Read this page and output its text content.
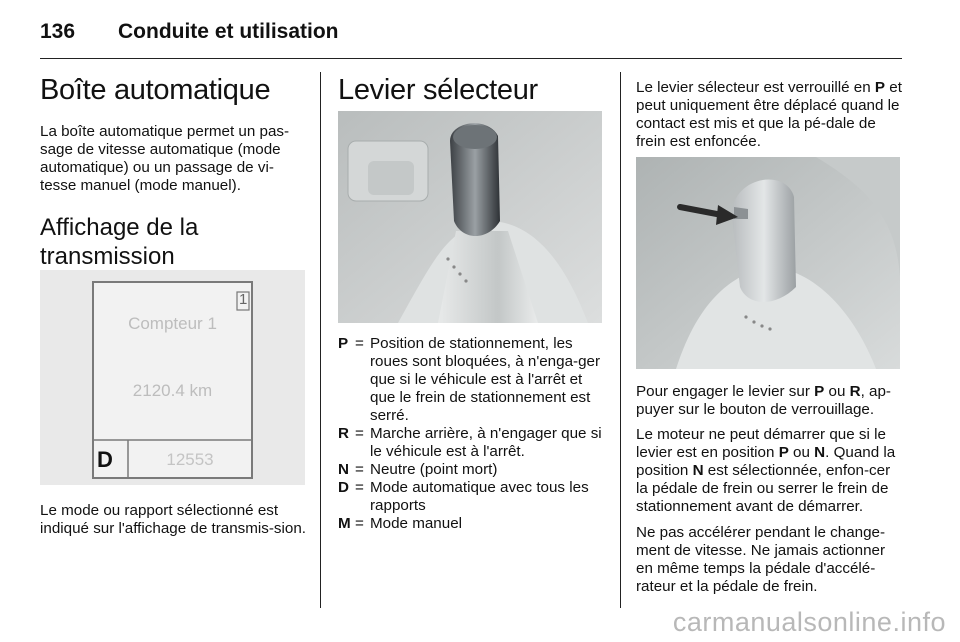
136 Conduite et utilisation
Boîte automatique

La boîte automatique permet un pas-sage de vitesse automatique (mode automatique) ou un passage de vi-tesse manuel (mode manuel).

Affichage de la transmission
1
Compteur 1
2120.4 km
D	12553

Le mode ou rapport sélectionné est indiqué sur l'affichage de transmis-sion.

Levier sélecteur
P = Position de stationnement, les roues sont bloquées, à n'enga-ger que si le véhicule est à l'arrêt et que le frein de stationnement est serré.
R = Marche arrière, à n'engager que si le véhicule est à l'arrêt.
N = Neutre (point mort)
D = Mode automatique avec tous les rapports
M = Mode manuel

Le levier sélecteur est verrouillé en P et peut uniquement être déplacé quand le contact est mis et que la pé-dale de frein est enfoncée.

Pour engager le levier sur P ou R, ap-puyer sur le bouton de verrouillage.

Le moteur ne peut démarrer que si le levier est en position P ou N. Quand la position N est sélectionnée, enfon-cer la pédale de frein ou serrer le frein de stationnement avant de démarrer.

Ne pas accélérer pendant le change-ment de vitesse. Ne jamais actionner en même temps la pédale d'accélé-rateur et la pédale de frein.

carmanualsonline.info
